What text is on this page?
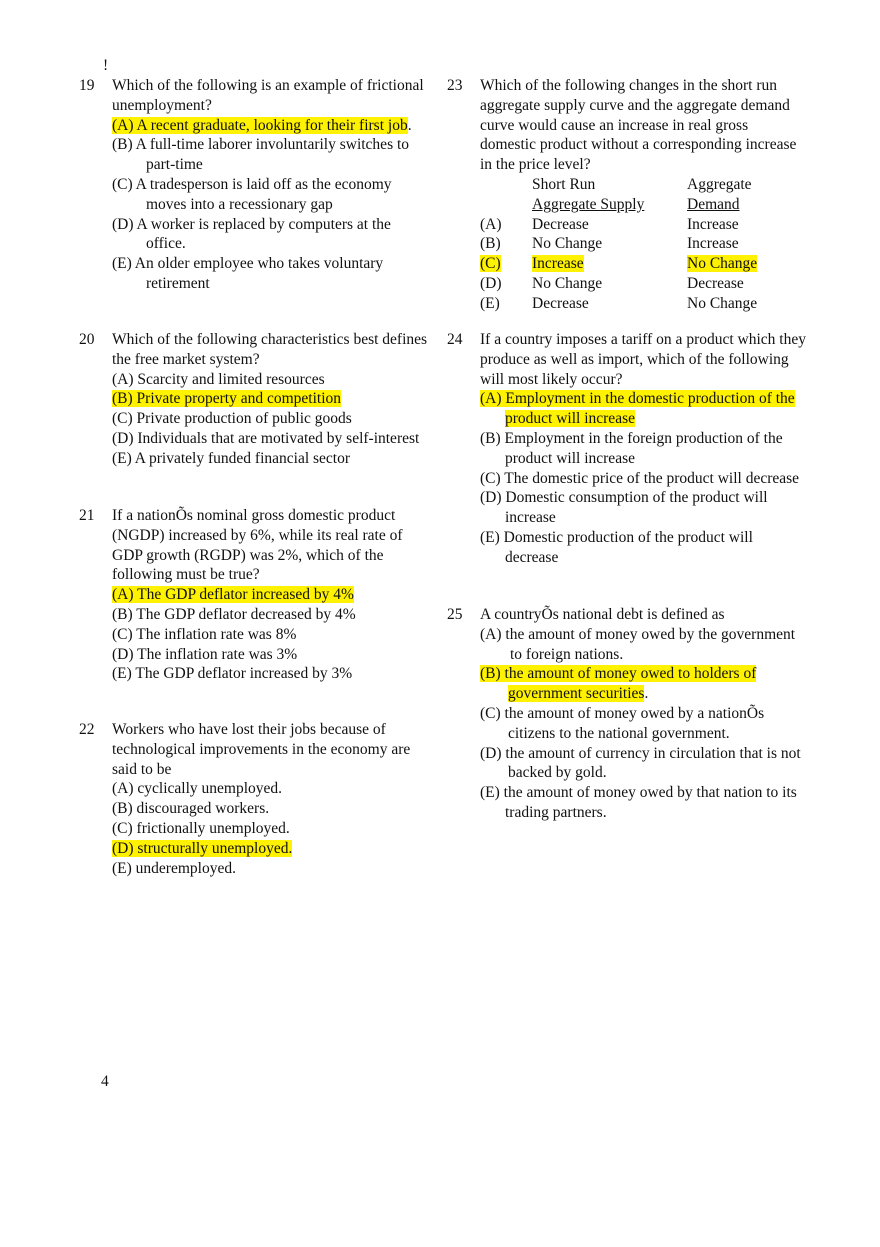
!
19 Which of the following is an example of frictional unemployment?
(A) A recent graduate, looking for their first job.
(B) A full-time laborer involuntarily switches to part-time
(C) A tradesperson is laid off as the economy moves into a recessionary gap
(D) A worker is replaced by computers at the office.
(E) An older employee who takes voluntary retirement
20 Which of the following characteristics best defines the free market system?
(A) Scarcity and limited resources
(B) Private property and competition
(C) Private production of public goods
(D) Individuals that are motivated by self-interest
(E) A privately funded financial sector
21 If a nationÕs nominal gross domestic product (NGDP) increased by 6%, while its real rate of GDP growth (RGDP) was 2%, which of the following must be true?
(A) The GDP deflator increased by 4%
(B) The GDP deflator decreased by 4%
(C) The inflation rate was 8%
(D) The inflation rate was 3%
(E) The GDP deflator increased by 3%
22 Workers who have lost their jobs because of technological improvements in the economy are said to be
(A) cyclically unemployed.
(B) discouraged workers.
(C) frictionally unemployed.
(D) structurally unemployed.
(E) underemployed.
23 Which of the following changes in the short run aggregate supply curve and the aggregate demand curve would cause an increase in real gross domestic product without a corresponding increase in the price level?
	Short Run	Aggregate
	Aggregate Supply	Demand
(A)	Decrease	Increase
(B)	No Change	Increase
(C)	Increase	No Change
(D)	No Change	Decrease
(E)	Decrease	No Change
24 If a country imposes a tariff on a product which they produce as well as import, which of the following will most likely occur?
(A) Employment in the domestic production of the product will increase
(B) Employment in the foreign production of the product will increase
(C) The domestic price of the product will decrease
(D) Domestic consumption of the product will increase
(E) Domestic production of the product will decrease
25 A countryÕs national debt is defined as
(A) the amount of money owed by the government to foreign nations.
(B) the amount of money owed to holders of government securities.
(C) the amount of money owed by a nationÕs citizens to the national government.
(D) the amount of currency in circulation that is not backed by gold.
(E) the amount of money owed by that nation to its trading partners.
4
